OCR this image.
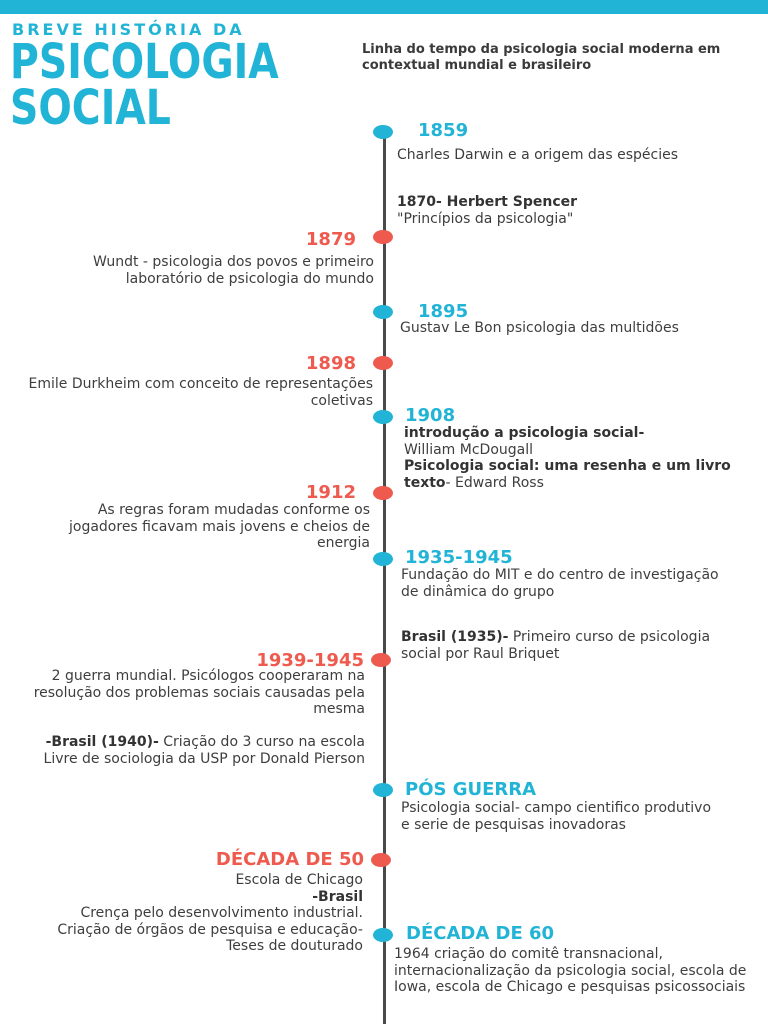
BREVE HISTÓRIA DA
PSICOLOGIA
SOCIAL

Linha do tempo da psicologia social moderna em contextual mundial e brasileiro

1859

Charles Darwin e a origem das espécies

1870- Herbert Spencer
"Princípios da psicologia"

1879

Wundt - psicologia dos povos e primeiro laboratório de psicologia do mundo

1895

Gustav Le Bon psicologia das multidões

1898

Emile Durkheim com conceito de representações coletivas

1908

introdução a psicologia social-
William McDougall
Psicologia social: uma resenha e um livro texto- Edward Ross

1912

As regras foram mudadas conforme os jogadores ficavam mais jovens e cheios de energia

1935-1945

Fundação do MIT e do centro de investigação de dinâmica do grupo

Brasil (1935)- Primeiro curso de psicologia social por Raul Briquet

1939-1945

2 guerra mundial. Psicólogos cooperaram na resolução dos problemas sociais causadas pela mesma

-Brasil (1940)- Criação do 3 curso na escola Livre de sociologia da USP por Donald Pierson

PÓS GUERRA

Psicologia social- campo cientifico produtivo e serie de pesquisas inovadoras

DÉCADA DE 50

Escola de Chicago
-Brasil
Crença pelo desenvolvimento industrial.
Criação de órgãos de pesquisa e educação- Teses de douturado

DÉCADA DE 60

1964 criação do comitê transnacional, internacionalização da psicologia social, escola de Iowa, escola de Chicago e pesquisas psicossociais
